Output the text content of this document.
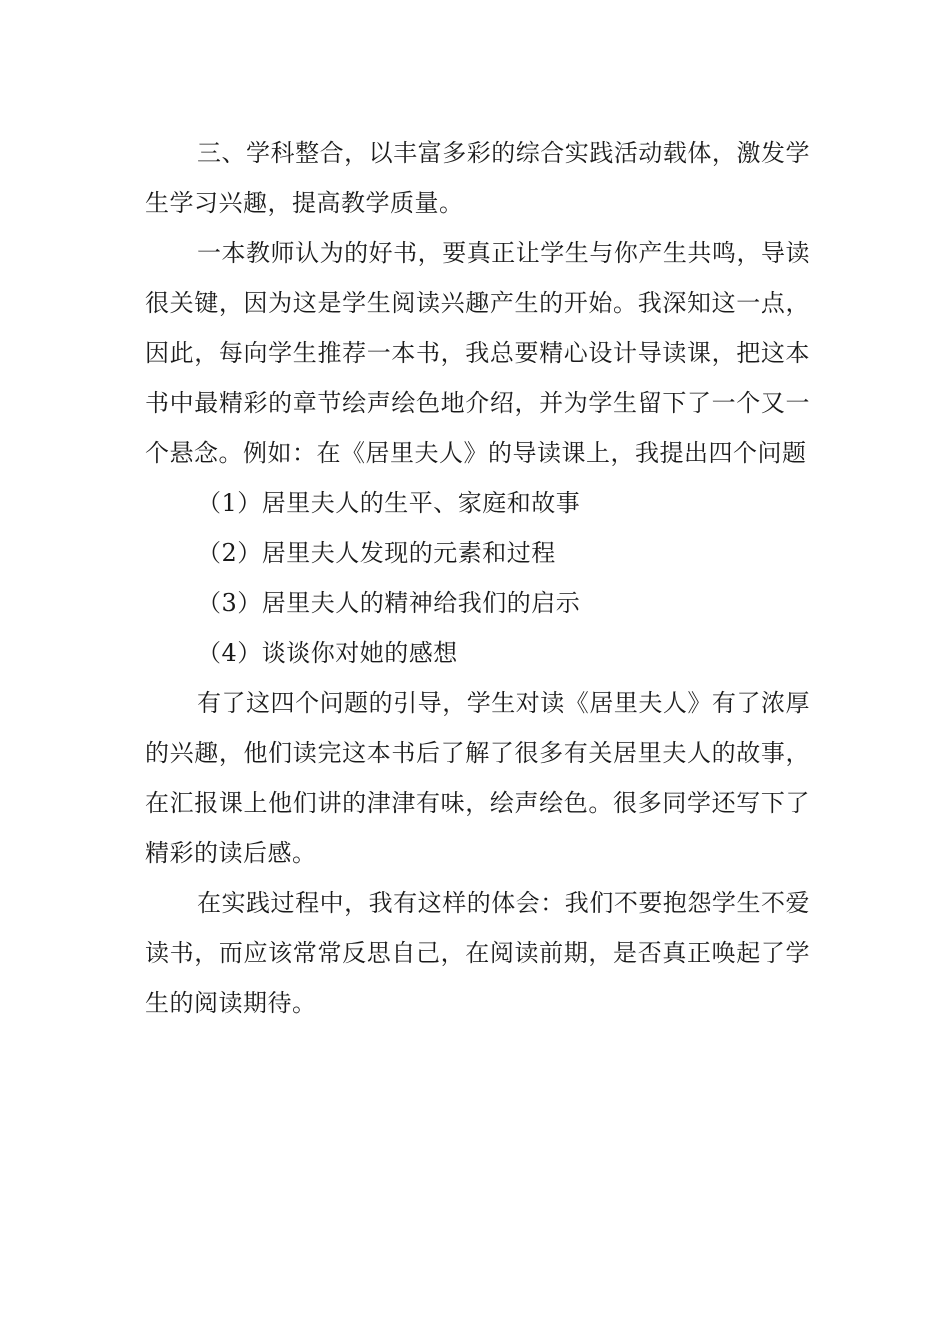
三、学科整合，以丰富多彩的综合实践活动载体，激发学生学习兴趣，提高教学质量。

一本教师认为的好书，要真正让学生与你产生共鸣，导读很关键，因为这是学生阅读兴趣产生的开始。我深知这一点，因此，每向学生推荐一本书，我总要精心设计导读课，把这本书中最精彩的章节绘声绘色地介绍，并为学生留下了一个又一个悬念。例如：在《居里夫人》的导读课上，我提出四个问题

（1）居里夫人的生平、家庭和故事

（2）居里夫人发现的元素和过程

（3）居里夫人的精神给我们的启示

（4）谈谈你对她的感想

有了这四个问题的引导，学生对读《居里夫人》有了浓厚的兴趣，他们读完这本书后了解了很多有关居里夫人的故事，在汇报课上他们讲的津津有味，绘声绘色。很多同学还写下了精彩的读后感。

在实践过程中，我有这样的体会：我们不要抱怨学生不爱读书，而应该常常反思自己，在阅读前期，是否真正唤起了学生的阅读期待。
